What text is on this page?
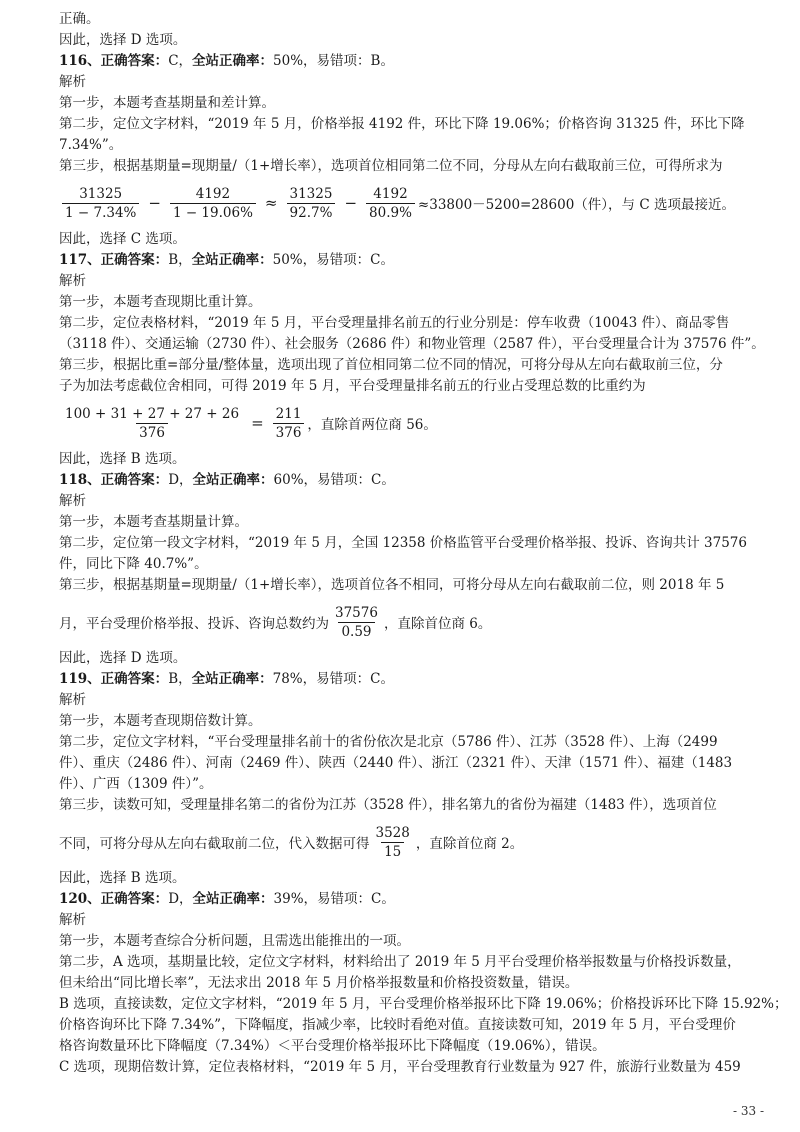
正确。
因此，选择 D 选项。
116、正确答案：C，全站正确率：50%，易错项：B。
解析
第一步，本题考查基期量和差计算。
第二步，定位文字材料，“2019 年 5 月，价格举报 4192 件，环比下降 19.06%；价格咨询 31325 件，环比下降
7.34%”。
第三步，根据基期量=现期量/（1+增长率），选项首位相同第二位不同，分母从左向右截取前三位，可得所求为
$\frac{31325}{1 - 7.34\%} - \frac{4192}{1 - 19.06\%} \approx \frac{31325}{92.7\%} - \frac{4192}{80.9\%} \approx 33800-5200=28600$（件），与 C 选项最接近。
因此，选择 C 选项。
117、正确答案：B，全站正确率：50%，易错项：C。
解析
第一步，本题考查现期比重计算。
第二步，定位表格材料，“2019 年 5 月，平台受理量排名前五的行业分别是：停车收费（10043 件）、商品零售
（3118 件）、交通运输（2730 件）、社会服务（2686 件）和物业管理（2587 件），平台受理量合计为 37576 件”。
第三步，根据比重=部分量/整体量，选项出现了首位相同第二位不同的情况，可将分母从左向右截取前三位，分
子为加法考虑截位舍相同，可得 2019 年 5 月，平台受理量排名前五的行业占受理总数的比重约为
$\frac{100 + 31 + 27 + 27 + 26}{376} = \frac{211}{376}$ ，直除首两位商 56。
因此，选择 B 选项。
118、正确答案：D，全站正确率：60%，易错项：C。
解析
第一步，本题考查基期量计算。
第二步，定位第一段文字材料，“2019 年 5 月，全国 12358 价格监管平台受理价格举报、投诉、咨询共计 37576
件，同比下降 40.7%”。
第三步，根据基期量=现期量/（1+增长率），选项首位各不相同，可将分母从左向右截取前二位，则 2018 年 5
月，平台受理价格举报、投诉、咨询总数约为 $\frac{37576}{0.59}$ ，直除首位商 6。
因此，选择 D 选项。
119、正确答案：B，全站正确率：78%，易错项：C。
解析
第一步，本题考查现期倍数计算。
第二步，定位文字材料，“平台受理量排名前十的省份依次是北京（5786 件）、江苏（3528 件）、上海（2499
件）、重庆（2486 件）、河南（2469 件）、陕西（2440 件）、浙江（2321 件）、天津（1571 件）、福建（1483
件）、广西（1309 件）”。
第三步，读数可知，受理量排名第二的省份为江苏（3528 件），排名第九的省份为福建（1483 件），选项首位
不同，可将分母从左向右截取前二位，代入数据可得 $\frac{3528}{15}$ ，直除首位商 2。
因此，选择 B 选项。
120、正确答案：D，全站正确率：39%，易错项：C。
解析
第一步，本题考查综合分析问题，且需选出能推出的一项。
第二步，A 选项，基期量比较，定位文字材料，材料给出了 2019 年 5 月平台受理价格举报数量与价格投诉数量，
但未给出“同比增长率”，无法求出 2018 年 5 月价格举报数量和价格投资数量，错误。
B 选项，直接读数，定位文字材料，“2019 年 5 月，平台受理价格举报环比下降 19.06%；价格投诉环比下降 15.92%；
价格咨询环比下降 7.34%”，下降幅度，指减少率，比较时看绝对值。直接读数可知，2019 年 5 月，平台受理价
格咨询数量环比下降幅度（7.34%）＜平台受理价格举报环比下降幅度（19.06%），错误。
C 选项，现期倍数计算，定位表格材料，“2019 年 5 月，平台受理教育行业数量为 927 件，旅游行业数量为 459
- 33 -
